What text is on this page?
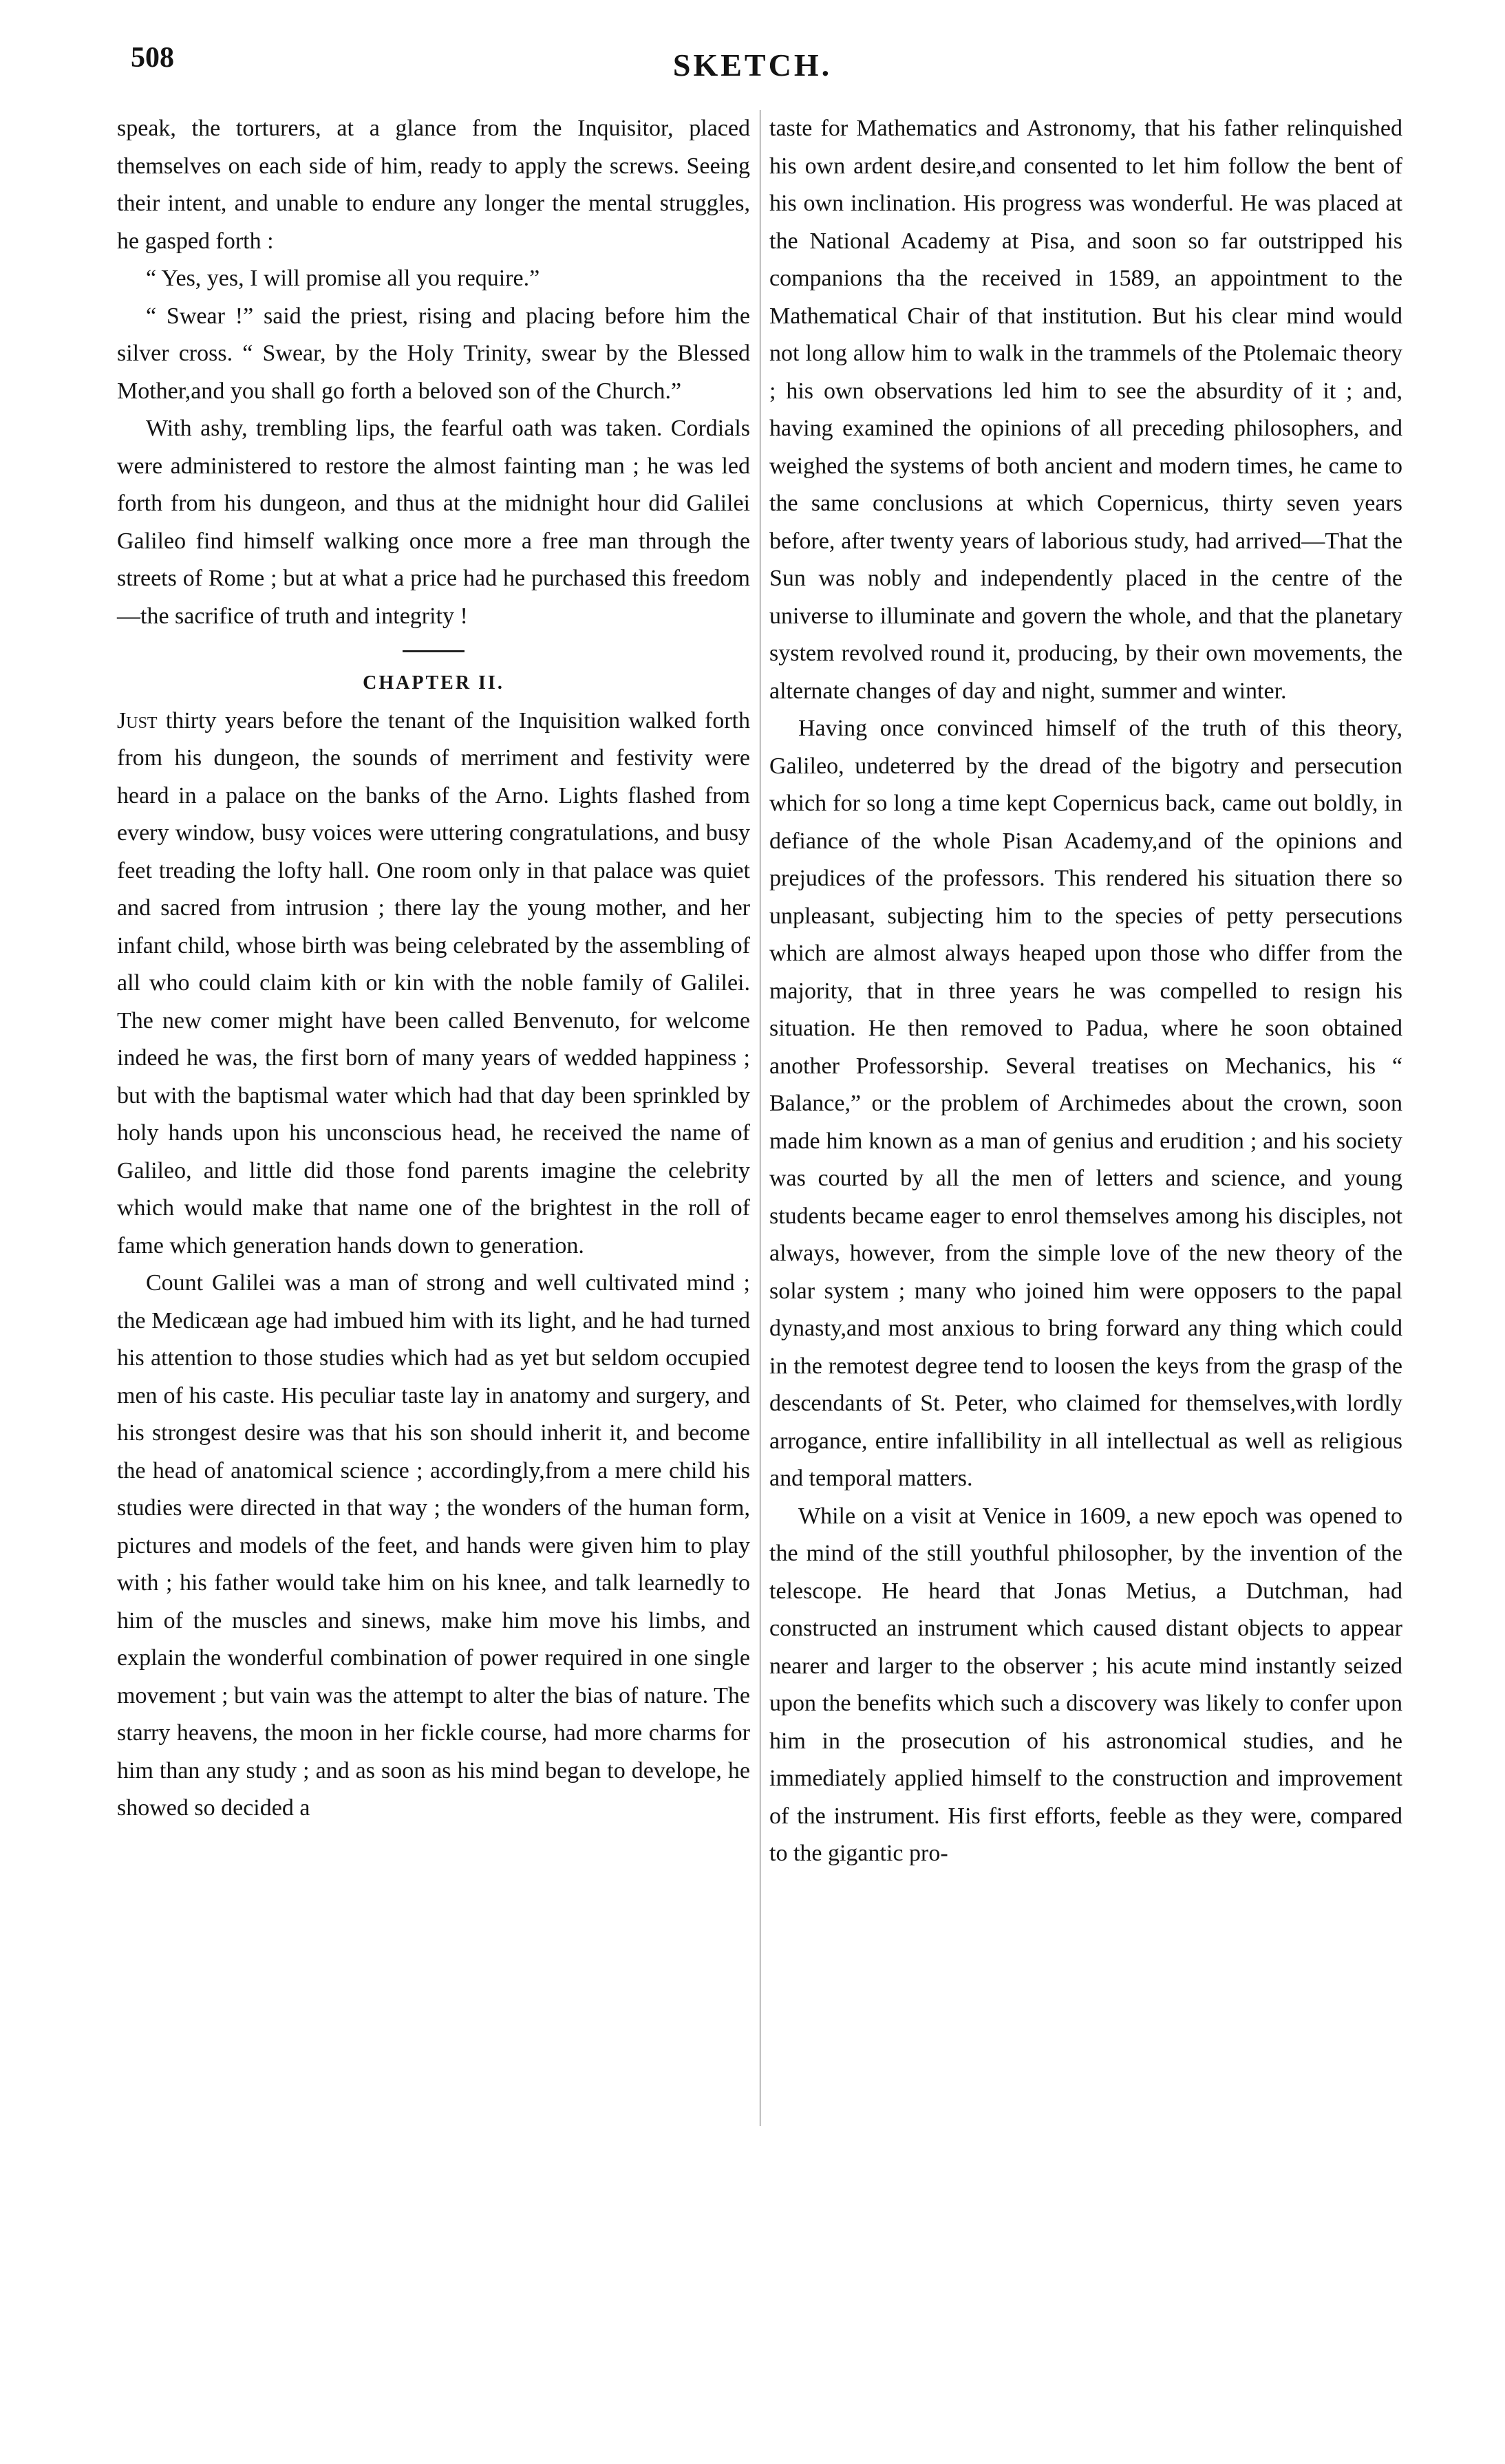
508	SKETCH.

speak, the torturers, at a glance from the Inquisitor, placed themselves on each side of him, ready to apply the screws. Seeing their intent, and unable to endure any longer the mental struggles, he gasped forth :

“ Yes, yes, I will promise all you require.”

“ Swear !” said the priest, rising and placing before him the silver cross. “ Swear, by the Holy Trinity, swear by the Blessed Mother,and you shall go forth a beloved son of the Church.”

With ashy, trembling lips, the fearful oath was taken. Cordials were administered to restore the almost fainting man ; he was led forth from his dungeon, and thus at the midnight hour did Galilei Galileo find himself walking once more a free man through the streets of Rome ; but at what a price had he purchased this freedom—the sacrifice of truth and integrity !

CHAPTER II.

Just thirty years before the tenant of the Inquisition walked forth from his dungeon, the sounds of merriment and festivity were heard in a palace on the banks of the Arno. Lights flashed from every window, busy voices were uttering congratulations, and busy feet treading the lofty hall. One room only in that palace was quiet and sacred from intrusion ; there lay the young mother, and her infant child, whose birth was being celebrated by the assembling of all who could claim kith or kin with the noble family of Galilei. The new comer might have been called Benvenuto, for welcome indeed he was, the first born of many years of wedded happiness ; but with the baptismal water which had that day been sprinkled by holy hands upon his unconscious head, he received the name of Galileo, and little did those fond parents imagine the celebrity which would make that name one of the brightest in the roll of fame which generation hands down to generation.

Count Galilei was a man of strong and well cultivated mind ; the Medicæan age had imbued him with its light, and he had turned his attention to those studies which had as yet but seldom occupied men of his caste. His peculiar taste lay in anatomy and surgery, and his strongest desire was that his son should inherit it, and become the head of anatomical science ; accordingly,from a mere child his studies were directed in that way ; the wonders of the human form, pictures and models of the feet, and hands were given him to play with ; his father would take him on his knee, and talk learnedly to him of the muscles and sinews, make him move his limbs, and explain the wonderful combination of power required in one single movement ; but vain was the attempt to alter the bias of nature. The starry heavens, the moon in her fickle course, had more charms for him than any study ; and as soon as his mind began to develope, he showed so decided a

taste for Mathematics and Astronomy, that his father relinquished his own ardent desire,and consented to let him follow the bent of his own inclination. His progress was wonderful. He was placed at the National Academy at Pisa, and soon so far outstripped his companions tha the received in 1589, an appointment to the Mathematical Chair of that institution. But his clear mind would not long allow him to walk in the trammels of the Ptolemaic theory ; his own observations led him to see the absurdity of it ; and, having examined the opinions of all preceding philosophers, and weighed the systems of both ancient and modern times, he came to the same conclusions at which Copernicus, thirty seven years before, after twenty years of laborious study, had arrived—That the Sun was nobly and independently placed in the centre of the universe to illuminate and govern the whole, and that the planetary system revolved round it, producing, by their own movements, the alternate changes of day and night, summer and winter.

Having once convinced himself of the truth of this theory, Galileo, undeterred by the dread of the bigotry and persecution which for so long a time kept Copernicus back, came out boldly, in defiance of the whole Pisan Academy,and of the opinions and prejudices of the professors. This rendered his situation there so unpleasant, subjecting him to the species of petty persecutions which are almost always heaped upon those who differ from the majority, that in three years he was compelled to resign his situation. He then removed to Padua, where he soon obtained another Professorship. Several treatises on Mechanics, his “ Balance,” or the problem of Archimedes about the crown, soon made him known as a man of genius and erudition ; and his society was courted by all the men of letters and science, and young students became eager to enrol themselves among his disciples, not always, however, from the simple love of the new theory of the solar system ; many who joined him were opposers to the papal dynasty,and most anxious to bring forward any thing which could in the remotest degree tend to loosen the keys from the grasp of the descendants of St. Peter, who claimed for themselves,with lordly arrogance, entire infallibility in all intellectual as well as religious and temporal matters.

While on a visit at Venice in 1609, a new epoch was opened to the mind of the still youthful philosopher, by the invention of the telescope. He heard that Jonas Metius, a Dutchman, had constructed an instrument which caused distant objects to appear nearer and larger to the observer ; his acute mind instantly seized upon the benefits which such a discovery was likely to confer upon him in the prosecution of his astronomical studies, and he immediately applied himself to the construction and improvement of the instrument. His first efforts, feeble as they were, compared to the gigantic pro-
